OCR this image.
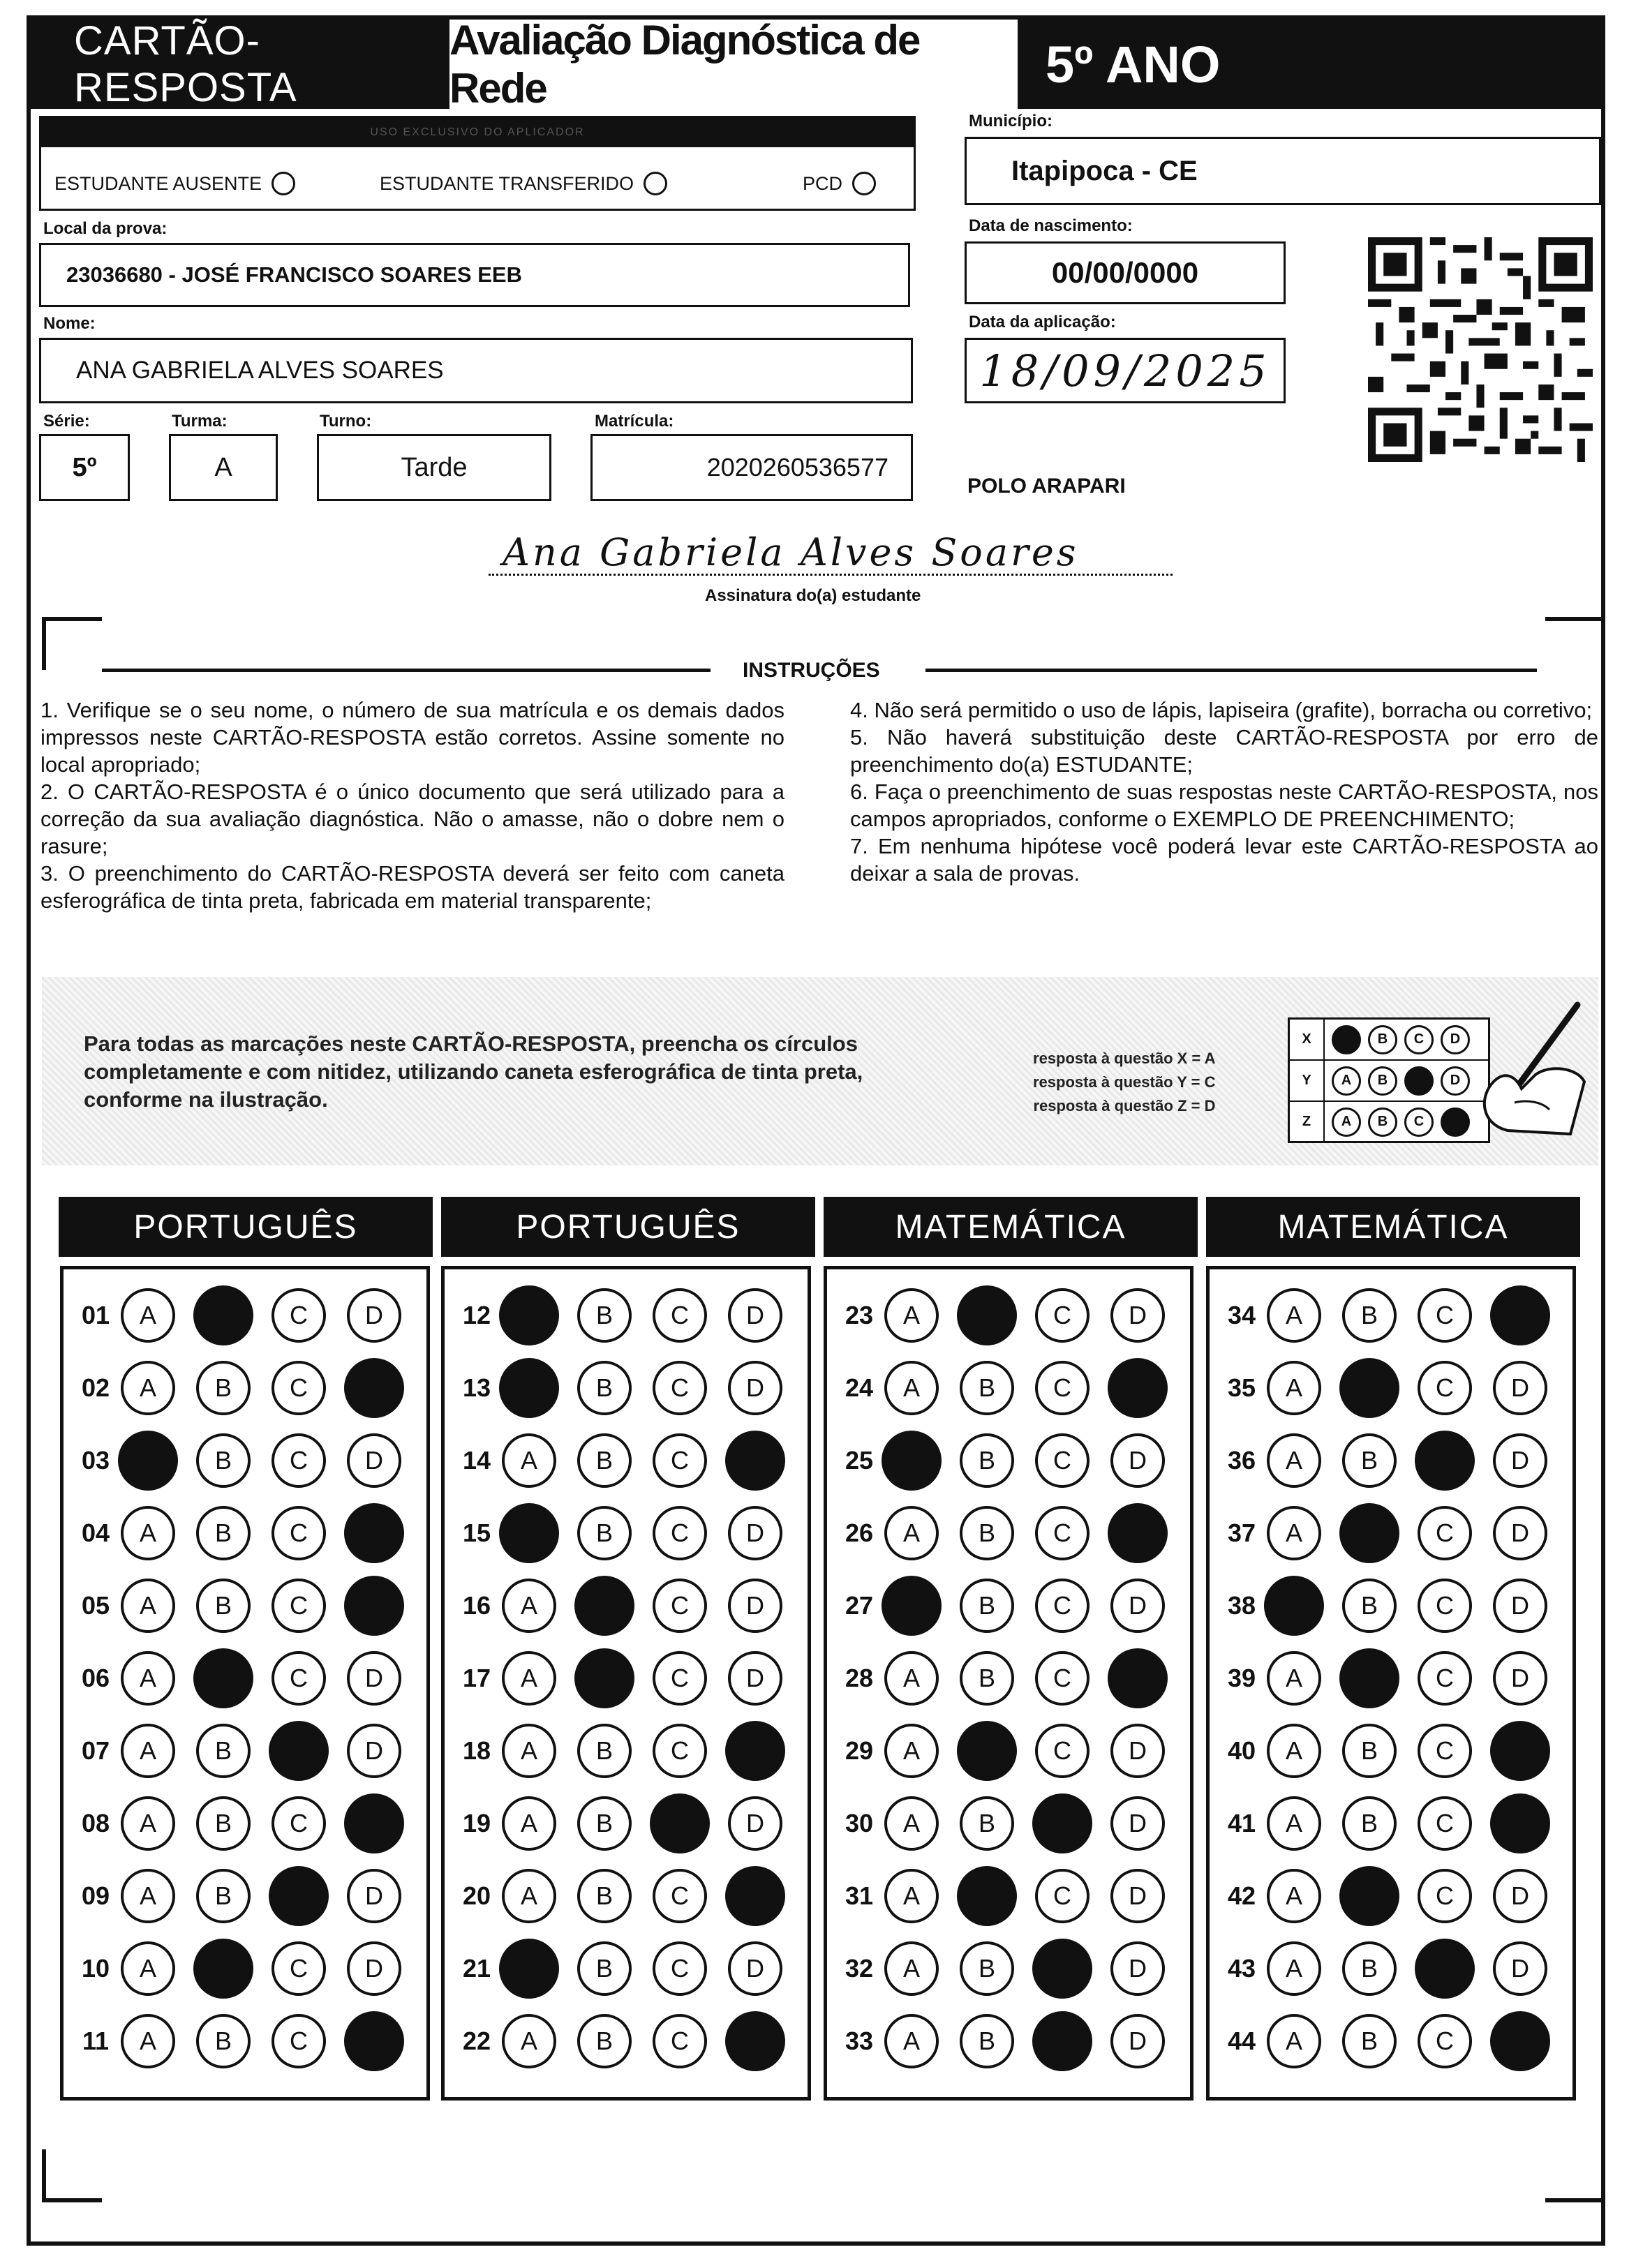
CARTÃO-RESPOSTA
Avaliação Diagnóstica de Rede	5º ANO
USO EXCLUSIVO DO APLICADOR
ESTUDANTE AUSENTE	ESTUDANTE TRANSFERIDO	PCD
Local da prova:
23036680 - JOSÉ FRANCISCO SOARES EEB
Nome:
ANA GABRIELA ALVES SOARES
Série:
5º
Turma:
A
Turno:
Tarde
Matrícula:
2020260536577
Município:
Itapipoca - CE
Data de nascimento:
00/00/0000
Data da aplicação:
18/09/2025
POLO ARAPARI
Ana Gabriela Alves Soares
Assinatura do(a) estudante
INSTRUÇÕES

1. Verifique se o seu nome, o número de sua matrícula e os demais dados impressos neste CARTÃO-RESPOSTA estão corretos. Assine somente no local apropriado;

2. O CARTÃO-RESPOSTA é o único documento que será utilizado para a correção da sua avaliação diagnóstica. Não o amasse, não o dobre nem o rasure;

3. O preenchimento do CARTÃO-RESPOSTA deverá ser feito com caneta esferográfica de tinta preta, fabricada em material transparente;

4. Não será permitido o uso de lápis, lapiseira (grafite), borracha ou corretivo;

5. Não haverá substituição deste CARTÃO-RESPOSTA por erro de preenchimento do(a) ESTUDANTE;

6. Faça o preenchimento de suas respostas neste CARTÃO-RESPOSTA, nos campos apropriados, conforme o EXEMPLO DE PREENCHIMENTO;

7. Em nenhuma hipótese você poderá levar este CARTÃO-RESPOSTA ao deixar a sala de provas.

Para todas as marcações neste CARTÃO-RESPOSTA, preencha os círculos completamente e com nitidez, utilizando caneta esferográfica de tinta preta, conforme na ilustração.
resposta à questão X = A
resposta à questão Y = C
resposta à questão Z = D
X	A	B	C	D
Y	A	B	C	D
Z	A	B	C	D
PORTUGUÊS
01	A	B	C	D
02	A	B	C	D
03	A	B	C	D
04	A	B	C	D
05	A	B	C	D
06	A	B	C	D
07	A	B	C	D
08	A	B	C	D
09	A	B	C	D
10	A	B	C	D
11	A	B	C	D
PORTUGUÊS
12	A	B	C	D
13	A	B	C	D
14	A	B	C	D
15	A	B	C	D
16	A	B	C	D
17	A	B	C	D
18	A	B	C	D
19	A	B	C	D
20	A	B	C	D
21	A	B	C	D
22	A	B	C	D
MATEMÁTICA
23	A	B	C	D
24	A	B	C	D
25	A	B	C	D
26	A	B	C	D
27	A	B	C	D
28	A	B	C	D
29	A	B	C	D
30	A	B	C	D
31	A	B	C	D
32	A	B	C	D
33	A	B	C	D
MATEMÁTICA
34	A	B	C	D
35	A	B	C	D
36	A	B	C	D
37	A	B	C	D
38	A	B	C	D
39	A	B	C	D
40	A	B	C	D
41	A	B	C	D
42	A	B	C	D
43	A	B	C	D
44	A	B	C	D
